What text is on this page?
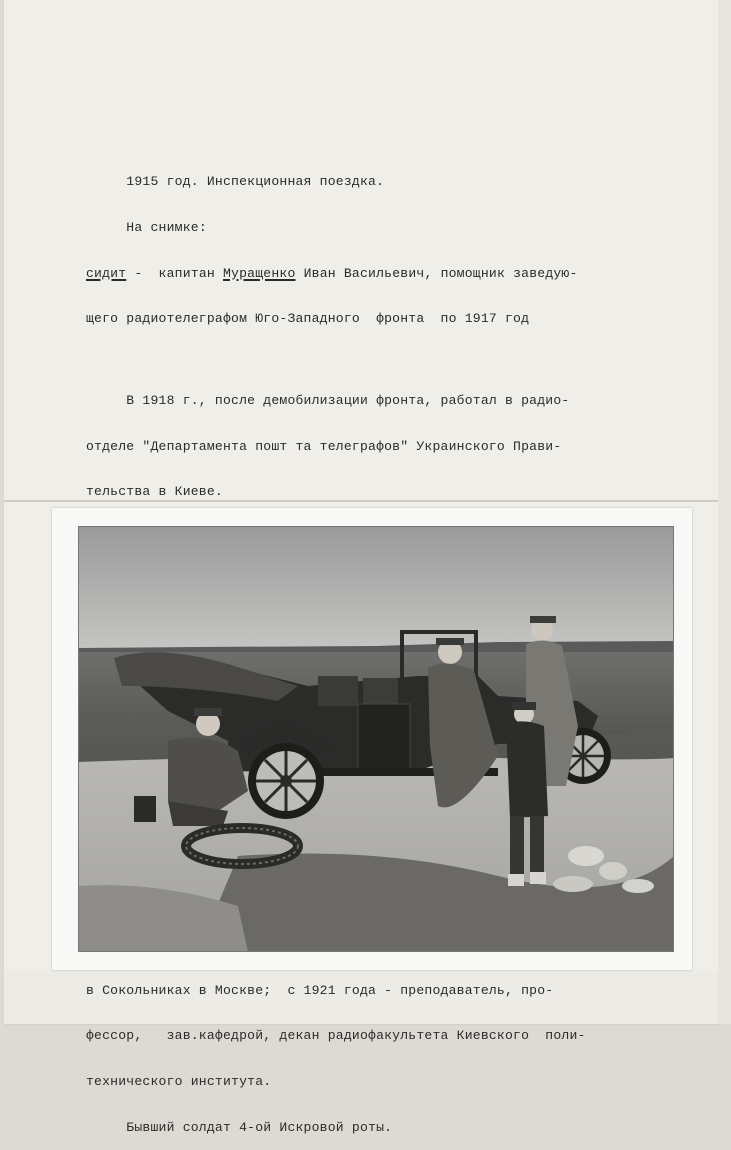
1915 год. Инспекционная поездка.

На снимке:

сидит -  капитан Муращенко Иван Васильевич, помощник заведую-

щего радиотелеграфом Юго-Западного  фронта  по 1917 год

В 1918 г., после демобилизации фронта, работал в радио-

отделе "Департамента пошт та телеграфов" Украинского Прави-

тельства в Киеве.

в Сокольниках в Москве;  с 1921 года - преподаватель, про-

фессор,   зав.кафедрой, декан радиофакультета Киевского  поли-

технического института.

Бывший солдат 4-ой Искровой роты.
